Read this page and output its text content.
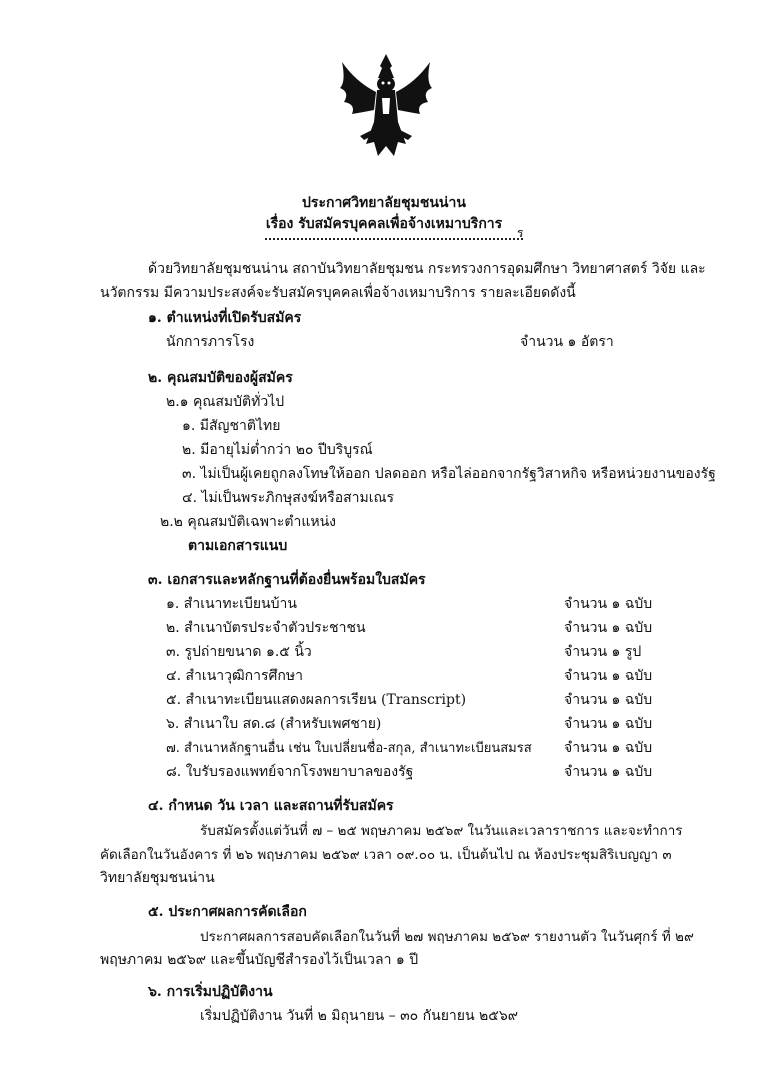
ประกาศวิทยาลัยชุมชนน่าน
เรื่อง รับสมัครบุคคลเพื่อจ้างเหมาบริการ
ร
ด้วยวิทยาลัยชุมชนน่าน สถาบันวิทยาลัยชุมชน กระทรวงการอุดมศึกษา วิทยาศาสตร์ วิจัย และ
นวัตกรรม มีความประสงค์จะรับสมัครบุคคลเพื่อจ้างเหมาบริการ รายละเอียดดังนี้
๑. ตำแหน่งที่เปิดรับสมัคร
นักการภารโรง	จำนวน ๑ อัตรา
๒. คุณสมบัติของผู้สมัคร
๒.๑ คุณสมบัติทั่วไป
๑. มีสัญชาติไทย
๒. มีอายุไม่ต่ำกว่า ๒๐ ปีบริบูรณ์
๓. ไม่เป็นผู้เคยถูกลงโทษให้ออก ปลดออก หรือไล่ออกจากรัฐวิสาหกิจ หรือหน่วยงานของรัฐ
๔. ไม่เป็นพระภิกษุสงฆ์หรือสามเณร
๒.๒ คุณสมบัติเฉพาะตำแหน่ง
ตามเอกสารแนบ
๓. เอกสารและหลักฐานที่ต้องยื่นพร้อมใบสมัคร
๑. สำเนาทะเบียนบ้าน	จำนวน ๑ ฉบับ
๒. สำเนาบัตรประจำตัวประชาชน	จำนวน ๑ ฉบับ
๓. รูปถ่ายขนาด ๑.๕ นิ้ว	จำนวน ๑ รูป
๔. สำเนาวุฒิการศึกษา	จำนวน ๑ ฉบับ
๕. สำเนาทะเบียนแสดงผลการเรียน (Transcript)	จำนวน ๑ ฉบับ
๖. สำเนาใบ สด.๘ (สำหรับเพศชาย)	จำนวน ๑ ฉบับ
๗. สำเนาหลักฐานอื่น เช่น ใบเปลี่ยนชื่อ-สกุล, สำเนาทะเบียนสมรส จำนวน ๑ ฉบับ
๘. ใบรับรองแพทย์จากโรงพยาบาลของรัฐ	จำนวน ๑ ฉบับ
๔. กำหนด วัน เวลา และสถานที่รับสมัคร
รับสมัครตั้งแต่วันที่ ๗ – ๒๕ พฤษภาคม ๒๕๖๙ ในวันและเวลาราชการ และจะทำการ
คัดเลือกในวันอังคาร ที่ ๒๖ พฤษภาคม ๒๕๖๙ เวลา ๐๙.๐๐ น. เป็นต้นไป ณ ห้องประชุมสิริเบญญา ๓
วิทยาลัยชุมชนน่าน
๕. ประกาศผลการคัดเลือก
ประกาศผลการสอบคัดเลือกในวันที่ ๒๗ พฤษภาคม ๒๕๖๙ รายงานตัว ในวันศุกร์ ที่ ๒๙
พฤษภาคม ๒๕๖๙ และขึ้นบัญชีสำรองไว้เป็นเวลา ๑ ปี
๖. การเริ่มปฏิบัติงาน
เริ่มปฏิบัติงาน วันที่ ๒ มิถุนายน – ๓๐ กันยายน ๒๕๖๙
